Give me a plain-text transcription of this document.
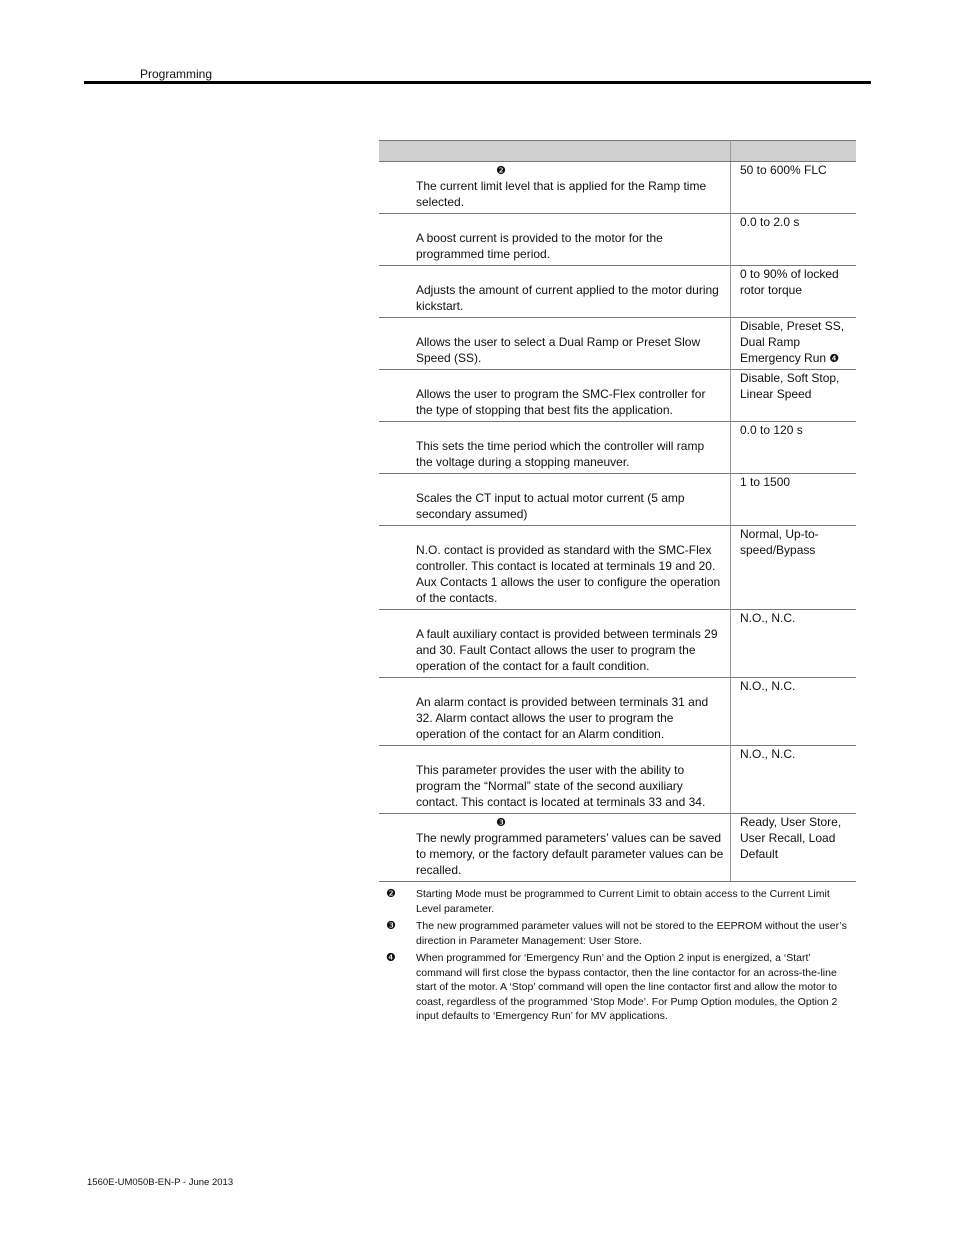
Programming

❷
The current limit level that is applied for the Ramp time selected.	50 to 600% FLC

A boost current is provided to the motor for the programmed time period.	0.0 to 2.0 s

Adjusts the amount of current applied to the motor during kickstart.	0 to 90% of locked rotor torque

Allows the user to select a Dual Ramp or Preset Slow Speed (SS).	Disable, Preset SS, Dual Ramp
Emergency Run ❹

Allows the user to program the SMC-Flex controller for the type of stopping that best fits the application.	Disable, Soft Stop, Linear Speed

This sets the time period which the controller will ramp the voltage during a stopping maneuver.	0.0 to 120 s

Scales the CT input to actual motor current (5 amp secondary assumed)	1 to 1500

N.O. contact is provided as standard with the SMC-Flex controller. This contact is located at terminals 19 and 20. Aux Contacts 1 allows the user to configure the operation of the contacts.	Normal, Up-to-speed/Bypass

A fault auxiliary contact is provided between terminals 29 and 30. Fault Contact allows the user to program the operation of the contact for a fault condition.	N.O., N.C.

An alarm contact is provided between terminals 31 and 32. Alarm contact allows the user to program the operation of the contact for an Alarm condition.	N.O., N.C.

This parameter provides the user with the ability to program the “Normal” state of the second auxiliary contact. This contact is located at terminals 33 and 34.	N.O., N.C.

❸
The newly programmed parameters’ values can be saved to memory, or the factory default parameter values can be recalled.	Ready, User Store, User Recall, Load Default
❷ Starting Mode must be programmed to Current Limit to obtain access to the Current Limit Level parameter.
❸ The new programmed parameter values will not be stored to the EEPROM without the user’s direction in Parameter Management: User Store.
❹ When programmed for ‘Emergency Run’ and the Option 2 input is energized, a ‘Start’ command will first close the bypass contactor, then the line contactor for an across-the-line start of the motor. A ‘Stop’ command will open the line contactor first and allow the motor to coast, regardless of the programmed ‘Stop Mode’. For Pump Option modules, the Option 2 input defaults to ‘Emergency Run’ for MV applications.
1560E-UM050B-EN-P - June 2013
